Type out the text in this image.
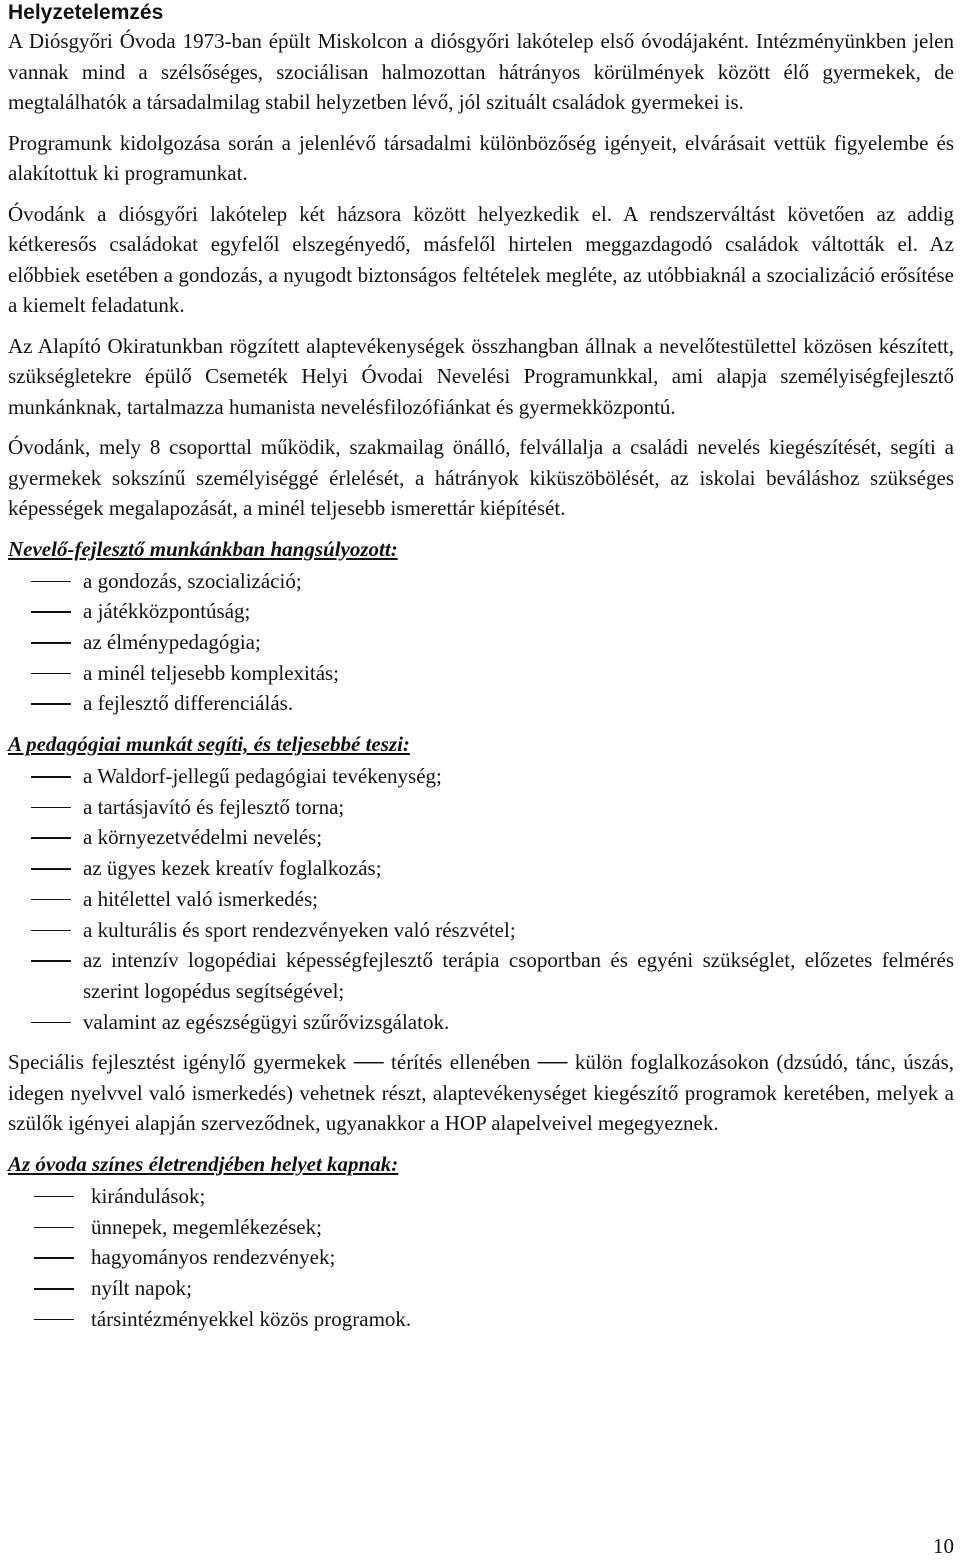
Helyzetelemzés

A Diósgyőri Óvoda 1973-ban épült Miskolcon a diósgyőri lakótelep első óvodájaként. Intézményünkben jelen vannak mind a szélsőséges, szociálisan halmozottan hátrányos körülmények között élő gyermekek, de megtalálhatók a társadalmilag stabil helyzetben lévő, jól szituált családok gyermekei is.

Programunk kidolgozása során a jelenlévő társadalmi különbözőség igényeit, elvárásait vettük figyelembe és alakítottuk ki programunkat.

Óvodánk a diósgyőri lakótelep két házsora között helyezkedik el. A rendszerváltást követően az addig kétkeresős családokat egyfelől elszegényedő, másfelől hirtelen meggazdagodó családok váltották el. Az előbbiek esetében a gondozás, a nyugodt biztonságos feltételek megléte, az utóbbiaknál a szocializáció erősítése a kiemelt feladatunk.

Az Alapító Okiratunkban rögzített alaptevékenységek összhangban állnak a nevelőtestülettel közösen készített, szükségletekre épülő Csemeték Helyi Óvodai Nevelési Programunkkal, ami alapja személyiségfejlesztő munkánknak, tartalmazza humanista nevelésfilozófiánkat és gyermekközpontú.

Óvodánk, mely 8 csoporttal működik, szakmailag önálló, felvállalja a családi nevelés kiegészítését, segíti a gyermekek sokszínű személyiséggé érlelését, a hátrányok kiküszöbölését, az iskolai beváláshoz szükséges képességek megalapozását, a minél teljesebb ismerettár kiépítését.

Nevelő-fejlesztő munkánkban hangsúlyozott:
a gondozás, szocializáció;
a játékközpontúság;
az élménypedagógia;
a minél teljesebb komplexitás;
a fejlesztő differenciálás.
A pedagógiai munkát segíti, és teljesebbé teszi:
a Waldorf-jellegű pedagógiai tevékenység;
a tartásjavító és fejlesztő torna;
a környezetvédelmi nevelés;
az ügyes kezek kreatív foglalkozás;
a hitélettel való ismerkedés;
a kulturális és sport rendezvényeken való részvétel;
az intenzív logopédiai képességfejlesztő terápia csoportban és egyéni szükséglet, előzetes felmérés szerint logopédus segítségével;
valamint az egészségügyi szűrővizsgálatok.

Speciális fejlesztést igénylő gyermekek ── térítés ellenében ── külön foglalkozásokon (dzsúdó, tánc, úszás, idegen nyelvvel való ismerkedés) vehetnek részt, alaptevékenységet kiegészítő programok keretében, melyek a szülők igényei alapján szerveződnek, ugyanakkor a HOP alapelveivel megegyeznek.

Az óvoda színes életrendjében helyet kapnak:
kirándulások;
ünnepek, megemlékezések;
hagyományos rendezvények;
nyílt napok;
társintézményekkel közös programok.
10
